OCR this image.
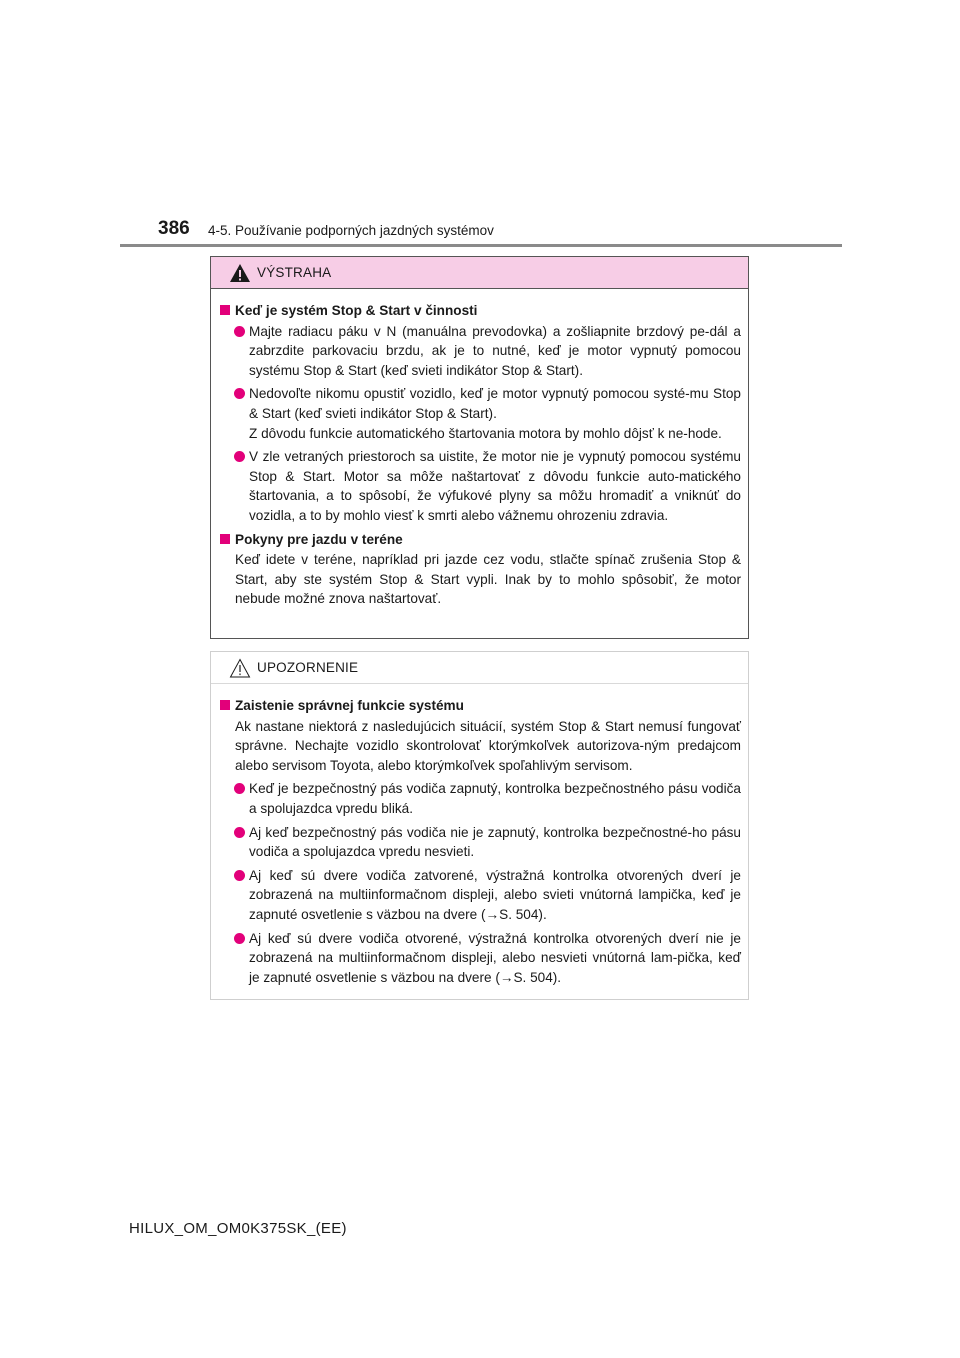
386 4-5. Používanie podporných jazdných systémov
VÝSTRAHA
Keď je systém Stop & Start v činnosti
Majte radiacu páku v N (manuálna prevodovka) a zošliapnite brzdový pe-dál a zabrzdite parkovaciu brzdu, ak je to nutné, keď je motor vypnutý pomocou systému Stop & Start (keď svieti indikátor Stop & Start).
Nedovoľte nikomu opustiť vozidlo, keď je motor vypnutý pomocou systé-mu Stop & Start (keď svieti indikátor Stop & Start).
Z dôvodu funkcie automatického štartovania motora by mohlo dôjsť k ne-hode.
V zle vetraných priestoroch sa uistite, že motor nie je vypnutý pomocou systému Stop & Start. Motor sa môže naštartovať z dôvodu funkcie auto-matického štartovania, a to spôsobí, že výfukové plyny sa môžu hromadiť a vniknúť do vozidla, a to by mohlo viesť k smrti alebo vážnemu ohrozeniu zdravia.
Pokyny pre jazdu v teréne
Keď idete v teréne, napríklad pri jazde cez vodu, stlačte spínač zrušenia Stop & Start, aby ste systém Stop & Start vypli. Inak by to mohlo spôsobiť, že motor nebude možné znova naštartovať.
UPOZORNENIE
Zaistenie správnej funkcie systému
Ak nastane niektorá z nasledujúcich situácií, systém Stop & Start nemusí fungovať správne. Nechajte vozidlo skontrolovať ktorýmkoľvek autorizova-ným predajcom alebo servisom Toyota, alebo ktorýmkoľvek spoľahlivým servisom.
Keď je bezpečnostný pás vodiča zapnutý, kontrolka bezpečnostného pásu vodiča a spolujazdca vpredu bliká.
Aj keď bezpečnostný pás vodiča nie je zapnutý, kontrolka bezpečnostné-ho pásu vodiča a spolujazdca vpredu nesvieti.
Aj keď sú dvere vodiča zatvorené, výstražná kontrolka otvorených dverí je zobrazená na multiinformačnom displeji, alebo svieti vnútorná lampička, keď je zapnuté osvetlenie s väzbou na dvere (→S. 504).
Aj keď sú dvere vodiča otvorené, výstražná kontrolka otvorených dverí nie je zobrazená na multiinformačnom displeji, alebo nesvieti vnútorná lam-pička, keď je zapnuté osvetlenie s väzbou na dvere (→S. 504).
HILUX_OM_OM0K375SK_(EE)
